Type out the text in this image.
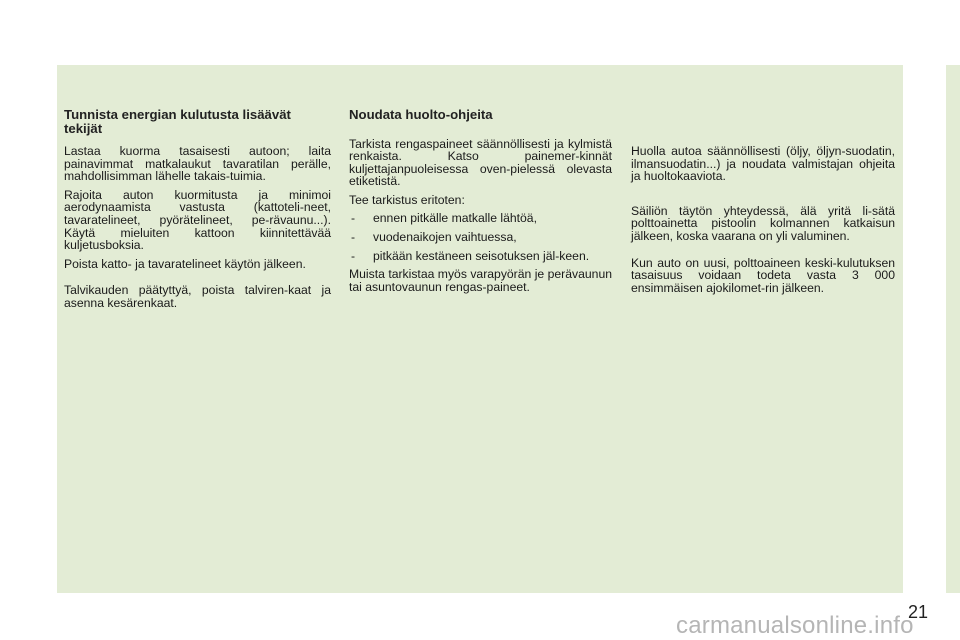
Tunnista energian kulutusta lisäävät tekijät

Lastaa kuorma tasaisesti autoon; laita painavimmat matkalaukut tavaratilan perälle, mahdollisimman lähelle takais-tuimia.

Rajoita auton kuormitusta ja minimoi aerodynaamista vastusta (kattoteli-neet, tavaratelineet, pyörätelineet, pe-rävaunu...). Käytä mieluiten kattoon kiinnitettävää kuljetusboksia.

Poista katto- ja tavaratelineet käytön jälkeen.

Talvikauden päätyttyä, poista talviren-kaat ja asenna kesärenkaat.

Noudata huolto-ohjeita

Tarkista rengaspaineet säännöllisesti ja kylmistä renkaista. Katso painemer-kinnät kuljettajanpuoleisessa oven-pielessä olevasta etiketistä.

Tee tarkistus eritoten:

- ennen pitkälle matkalle lähtöä,
- vuodenaikojen vaihtuessa,
- pitkään kestäneen seisotuksen jäl-keen.

Muista tarkistaa myös varapyörän je perävaunun tai asuntovaunun rengas-paineet.

Huolla autoa säännöllisesti (öljy, öljyn-suodatin, ilmansuodatin...) ja noudata valmistajan ohjeita ja huoltokaaviota.

Säiliön täytön yhteydessä, älä yritä li-sätä polttoainetta pistoolin kolmannen katkaisun jälkeen, koska vaarana on yli valuminen.

Kun auto on uusi, polttoaineen keski-kulutuksen tasaisuus voidaan todeta vasta 3 000 ensimmäisen ajokilomet-rin jälkeen.

21
carmanualsonline.info
